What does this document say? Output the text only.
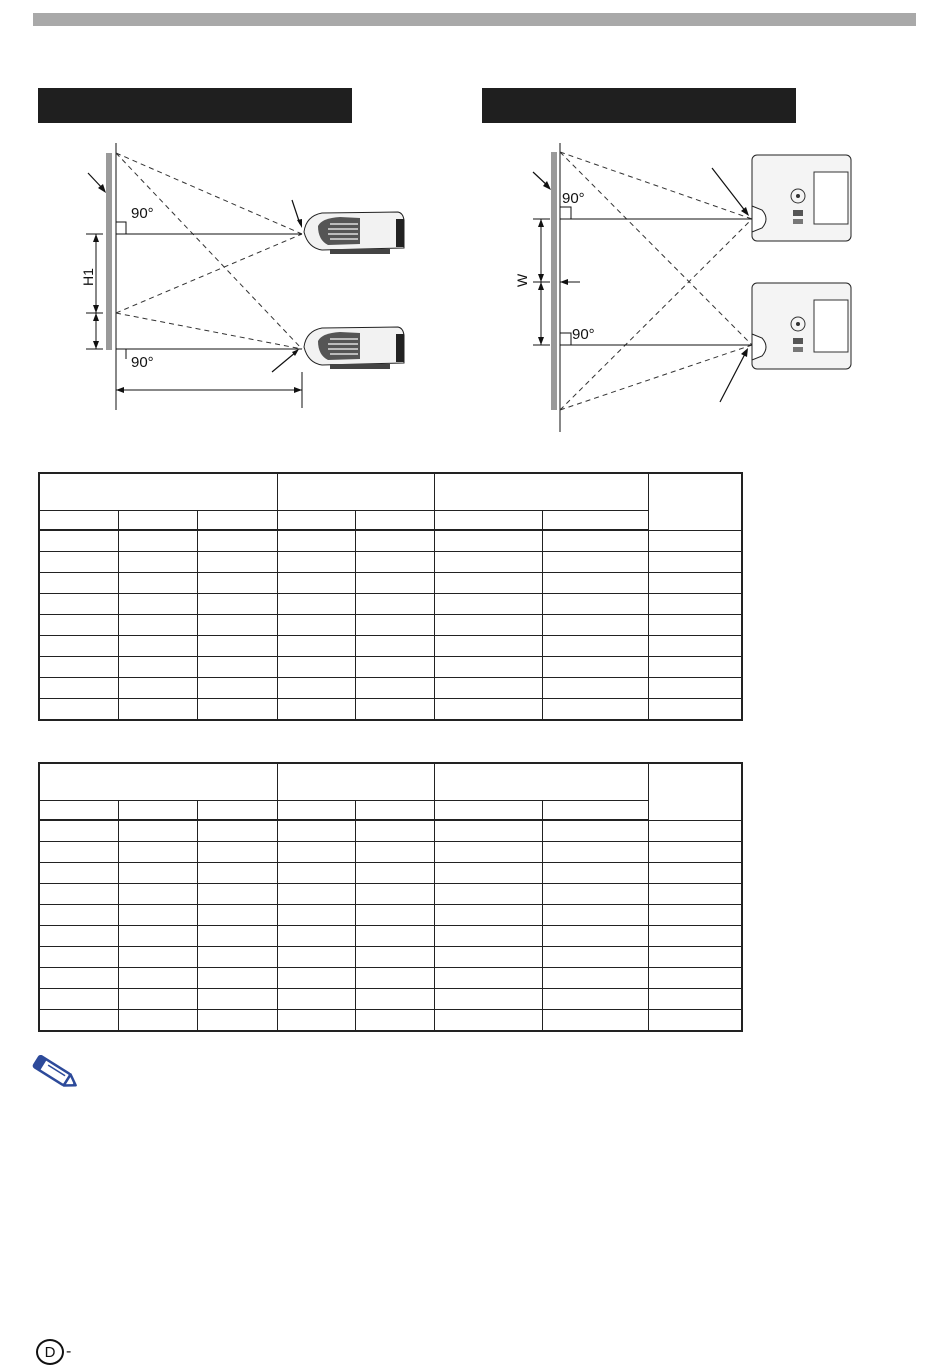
90°
90°
H1
90°
90°
W

D -
